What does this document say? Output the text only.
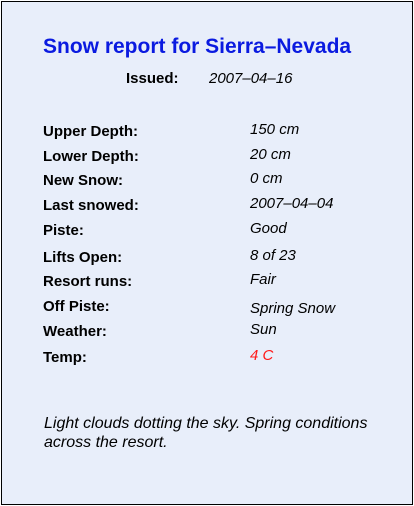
Snow report for Sierra–Nevada
Issued: 2007–04–16
Upper Depth:	150 cm
Lower Depth:	20 cm
New Snow:	0 cm
Last snowed:	2007–04–04
Piste:	Good
Lifts Open:	8 of 23
Resort runs:	Fair
Off Piste:	Spring Snow
Weather:	Sun
Temp:	4 C
Light clouds dotting the sky. Spring conditions across the resort.
